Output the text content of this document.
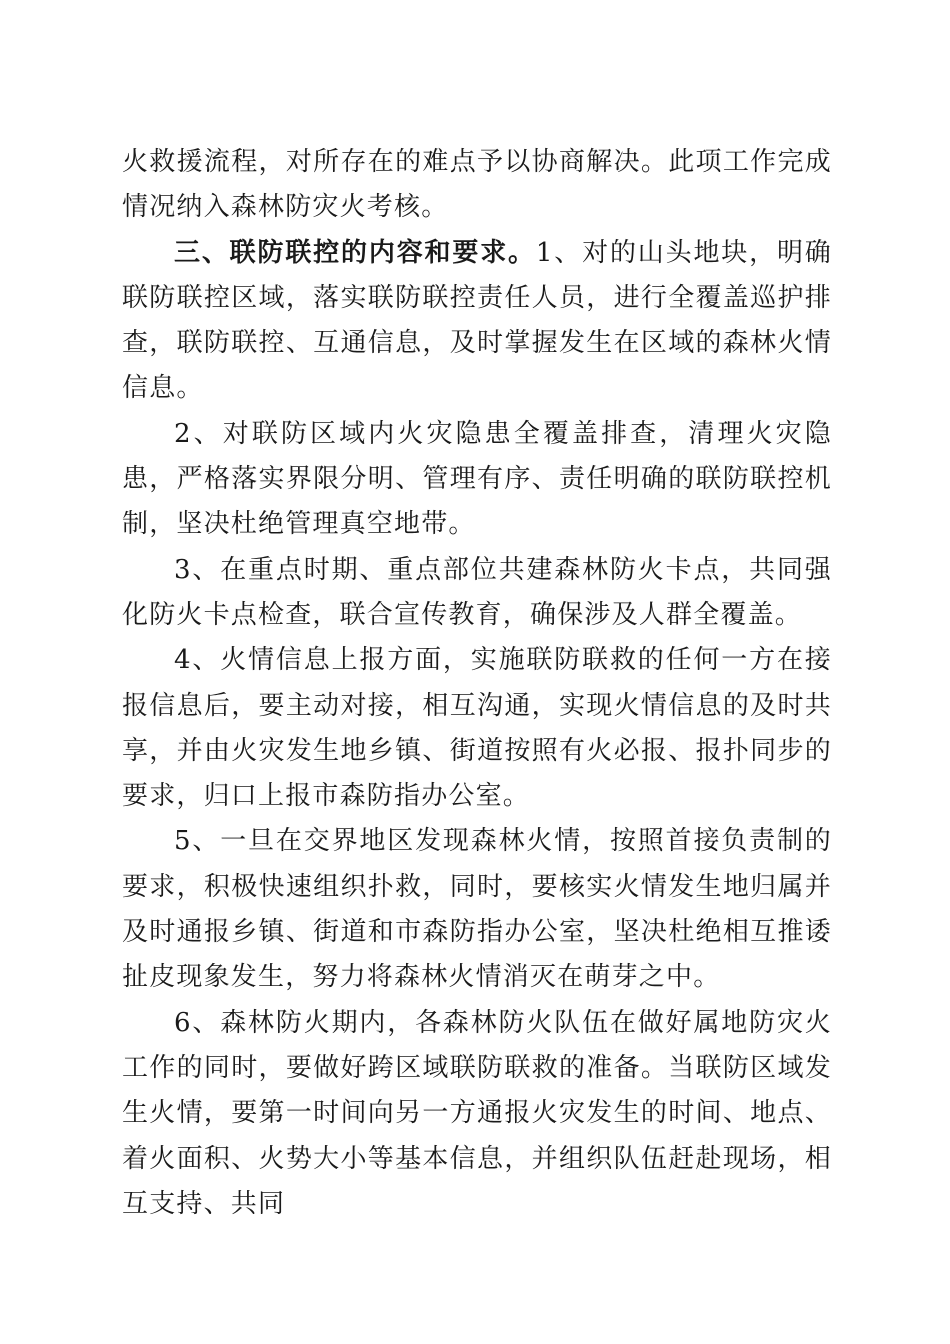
火救援流程，对所存在的难点予以协商解决。此项工作完成情况纳入森林防灾火考核。

三、联防联控的内容和要求。1、对的山头地块，明确联防联控区域，落实联防联控责任人员，进行全覆盖巡护排查，联防联控、互通信息，及时掌握发生在区域的森林火情信息。

2、对联防区域内火灾隐患全覆盖排查，清理火灾隐患，严格落实界限分明、管理有序、责任明确的联防联控机制，坚决杜绝管理真空地带。

3、在重点时期、重点部位共建森林防火卡点，共同强化防火卡点检查，联合宣传教育，确保涉及人群全覆盖。

4、火情信息上报方面，实施联防联救的任何一方在接报信息后，要主动对接，相互沟通，实现火情信息的及时共享，并由火灾发生地乡镇、街道按照有火必报、报扑同步的要求，归口上报市森防指办公室。

5、一旦在交界地区发现森林火情，按照首接负责制的要求，积极快速组织扑救，同时，要核实火情发生地归属并及时通报乡镇、街道和市森防指办公室，坚决杜绝相互推诿扯皮现象发生，努力将森林火情消灭在萌芽之中。

6、森林防火期内，各森林防火队伍在做好属地防灾火工作的同时，要做好跨区域联防联救的准备。当联防区域发生火情，要第一时间向另一方通报火灾发生的时间、地点、着火面积、火势大小等基本信息，并组织队伍赶赴现场，相互支持、共同
